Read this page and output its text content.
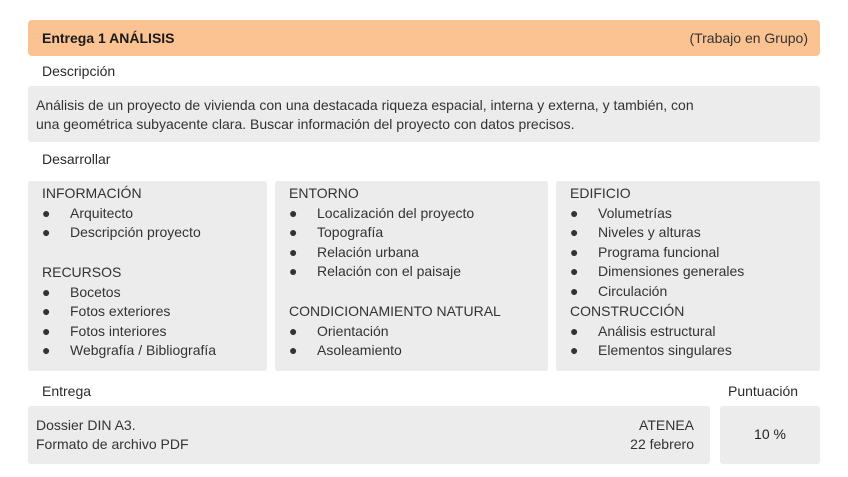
Entrega 1 ANÁLISIS	(Trabajo en Grupo)
Descripción
Análisis de un proyecto de vivienda con una destacada riqueza espacial, interna y externa, y también, con
una geométrica subyacente clara. Buscar información del proyecto con datos precisos.
Desarrollar
INFORMACIÓN
●	Arquitecto
●	Descripción proyecto
RECURSOS
●	Bocetos
●	Fotos exteriores
●	Fotos interiores
●	Webgrafía / Bibliografía
ENTORNO
●	Localización del proyecto
●	Topografía
●	Relación urbana
●	Relación con el paisaje
CONDICIONAMIENTO NATURAL
●	Orientación
●	Asoleamiento
EDIFICIO
●	Volumetrías
●	Niveles y alturas
●	Programa funcional
●	Dimensiones generales
●	Circulación
CONSTRUCCIÓN
●	Análisis estructural
●	Elementos singulares
Entrega	Puntuación
Dossier DIN A3.
Formato de archivo PDF
ATENEA
22 febrero
10 %
